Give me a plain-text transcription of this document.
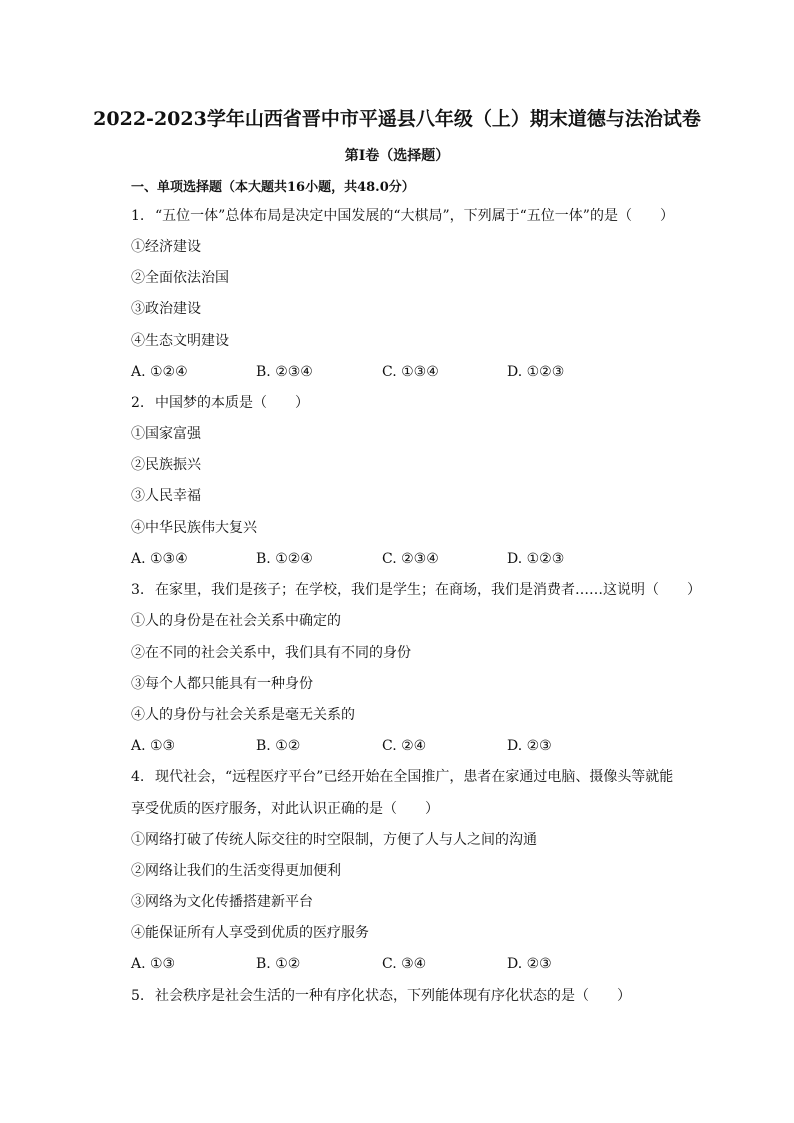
2022-2023学年山西省晋中市平遥县八年级（上）期末道德与法治试卷
第Ⅰ卷（选择题）
一、单项选择题（本大题共16小题，共48.0分）
1. “五位一体”总体布局是决定中国发展的“大棋局”，下列属于“五位一体”的是（　　）
①经济建设
②全面依法治国
③政治建设
④生态文明建设
A. ①②④	B. ②③④	C. ①③④	D. ①②③
2. 中国梦的本质是（　　）
①国家富强
②民族振兴
③人民幸福
④中华民族伟大复兴
A. ①③④	B. ①②④	C. ②③④	D. ①②③
3. 在家里，我们是孩子；在学校，我们是学生；在商场，我们是消费者……这说明（　　）
①人的身份是在社会关系中确定的
②在不同的社会关系中，我们具有不同的身份
③每个人都只能具有一种身份
④人的身份与社会关系是毫无关系的
A. ①③	B. ①②	C. ②④	D. ②③
4. 现代社会，“远程医疗平台”已经开始在全国推广，患者在家通过电脑、摄像头等就能
享受优质的医疗服务，对此认识正确的是（　　）
①网络打破了传统人际交往的时空限制，方便了人与人之间的沟通
②网络让我们的生活变得更加便利
③网络为文化传播搭建新平台
④能保证所有人享受到优质的医疗服务
A. ①③	B. ①②	C. ③④	D. ②③
5. 社会秩序是社会生活的一种有序化状态，下列能体现有序化状态的是（　　）
